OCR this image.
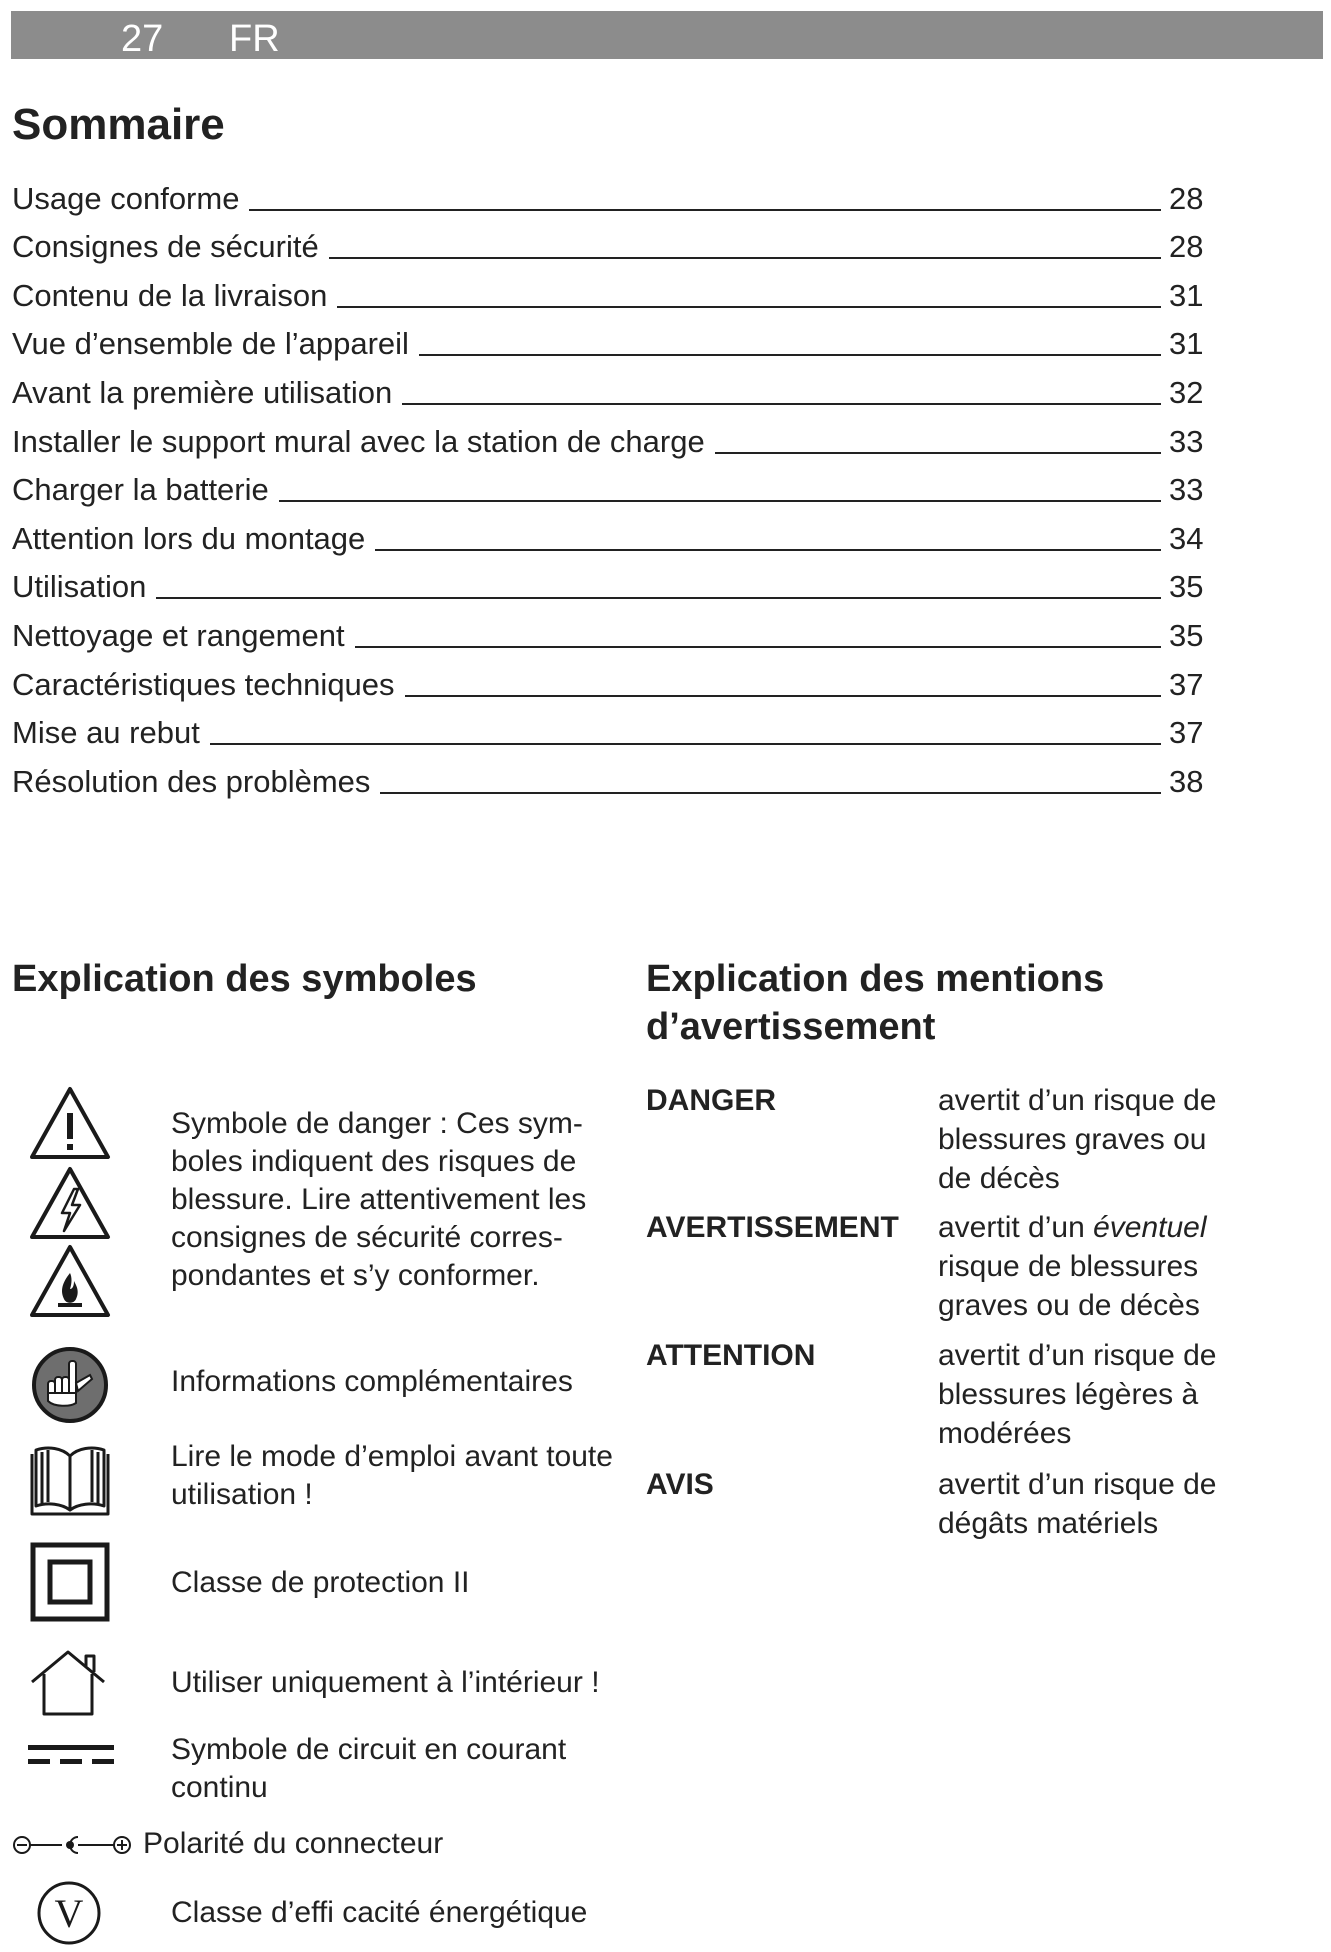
27 FR
Sommaire
Usage conforme	28
Consignes de sécurité	28
Contenu de la livraison	31
Vue d’ensemble de l’appareil	31
Avant la première utilisation	32
Installer le support mural avec la station de charge	33
Charger la batterie	33
Attention lors du montage	34
Utilisation	35
Nettoyage et rangement	35
Caractéristiques techniques	37
Mise au rebut	37
Résolution des problèmes	38
Explication des symboles
Symbole de danger : Ces sym-boles indiquent des risques de blessure. Lire attentivement les consignes de sécurité corres-pondantes et s’y conformer.
Informations complémentaires
Lire le mode d’emploi avant toute utilisation !
Classe de protection II
Utiliser uniquement à l’intérieur !
Symbole de circuit en courant continu
Polarité du connecteur
V	Classe d’effi cacité énergétique
Explication des mentions d’avertissement
DANGER	avertit d’un risque de blessures graves ou de décès
AVERTISSEMENT avertit d’un éventuel risque de blessures graves ou de décès
ATTENTION	avertit d’un risque de blessures légères à modérées
AVIS	avertit d’un risque de dégâts matériels
